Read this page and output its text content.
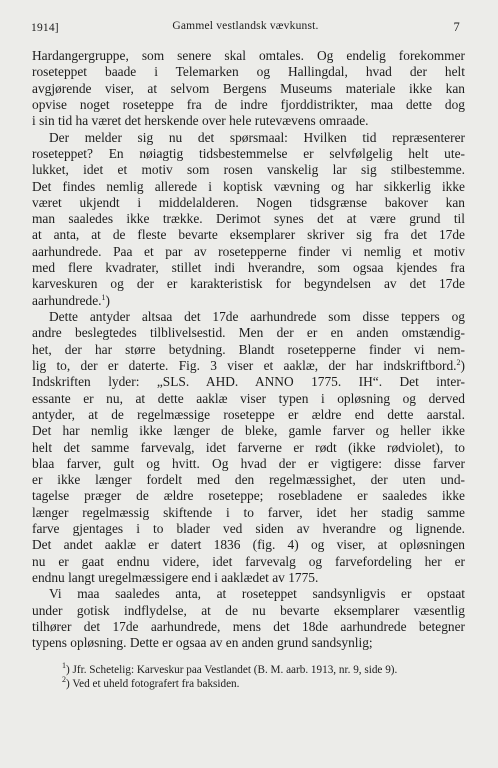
1914]	Gammel vestlandsk vævkunst.	7
Hardangergruppe, som senere skal omtales. Og endelig forekommer
roseteppet baade i Telemarken og Hallingdal, hvad der helt
avgjørende viser, at selvom Bergens Museums materiale ikke kan
opvise noget roseteppe fra de indre fjorddistrikter, maa dette dog
i sin tid ha været det herskende over hele rutevævens omraade.
Der melder sig nu det spørsmaal: Hvilken tid repræsenterer
roseteppet? En nøiagtig tidsbestemmelse er selvfølgelig helt ute-
lukket, idet et motiv som rosen vanskelig lar sig stilbestemme.
Det findes nemlig allerede i koptisk vævning og har sikkerlig ikke
været ukjendt i middelalderen. Nogen tidsgrænse bakover kan
man saaledes ikke trække. Derimot synes det at være grund til
at anta, at de fleste bevarte eksemplarer skriver sig fra det 17de
aarhundrede. Paa et par av rosetepperne finder vi nemlig et motiv
med flere kvadrater, stillet indi hverandre, som ogsaa kjendes fra
karveskuren og der er karakteristisk for begyndelsen av det 17de
aarhundrede.$^1$)
Dette antyder altsaa det 17de aarhundrede som disse teppers og
andre beslegtedes tilblivelsestid. Men der er en anden omstændig-
het, der har større betydning. Blandt rosetepperne finder vi nem-
lig to, der er daterte. Fig. 3 viser et aaklæ, der har indskriftbord.$^2$)
Indskriften lyder: „SLS. AHD. ANNO 1775. IH“. Det inter-
essante er nu, at dette aaklæ viser typen i opløsning og derved
antyder, at de regelmæssige roseteppe er ældre end dette aarstal.
Det har nemlig ikke længer de bleke, gamle farver og heller ikke
helt det samme farvevalg, idet farverne er rødt (ikke rødviolet), to
blaa farver, gult og hvitt. Og hvad der er vigtigere: disse farver
er ikke længer fordelt med den regelmæssighet, der uten und-
tagelse præger de ældre roseteppe; rosebladene er saaledes ikke
længer regelmæssig skiftende i to farver, idet her stadig samme
farve gjentages i to blader ved siden av hverandre og lignende.
Det andet aaklæ er datert 1836 (fig. 4) og viser, at opløsningen
nu er gaat endnu videre, idet farvevalg og farvefordeling her er
endnu langt uregelmæssigere end i aaklædet av 1775.
Vi maa saaledes anta, at roseteppet sandsynligvis er opstaat
under gotisk indflydelse, at de nu bevarte eksemplarer væsentlig
tilhører det 17de aarhundrede, mens det 18de aarhundrede betegner
typens opløsning. Dette er ogsaa av en anden grund sandsynlig;
$^1$) Jfr. Schetelig: Karveskur paa Vestlandet (B. M. aarb. 1913, nr. 9, side 9).
$^2$) Ved et uheld fotografert fra baksiden.
